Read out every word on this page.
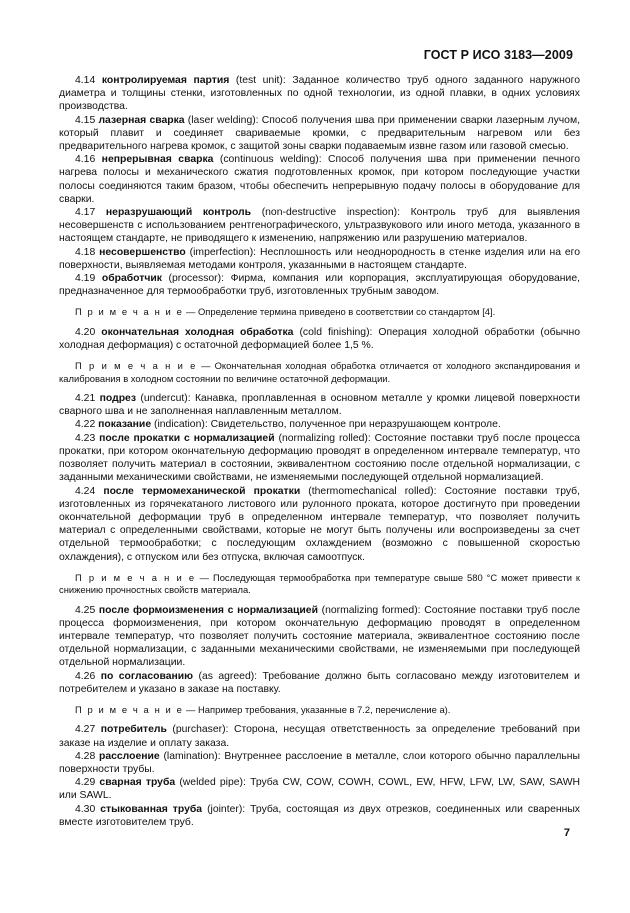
ГОСТ Р ИСО 3183—2009

4.14 контролируемая партия (test unit): Заданное количество труб одного заданного наружного диаметра и толщины стенки, изготовленных по одной технологии, из одной плавки, в одних условиях производства.

4.15 лазерная сварка (laser welding): Способ получения шва при применении сварки лазерным лучом, который плавит и соединяет свариваемые кромки, с предварительным нагревом или без предварительного нагрева кромок, с защитой зоны сварки подаваемым извне газом или газовой смесью.

4.16 непрерывная сварка (continuous welding): Способ получения шва при применении печного нагрева полосы и механического сжатия подготовленных кромок, при котором последующие участки полосы соединяются таким бразом, чтобы обеспечить непрерывную подачу полосы в оборудование для сварки.

4.17 неразрушающий контроль (non-destructive inspection): Контроль труб для выявления несовершенств с использованием рентгенографического, ультразвукового или иного метода, указанного в настоящем стандарте, не приводящего к изменению, напряжению или разрушению материалов.

4.18 несовершенство (imperfection): Несплошность или неоднородность в стенке изделия или на его поверхности, выявляемая методами контроля, указанными в настоящем стандарте.

4.19 обработчик (processor): Фирма, компания или корпорация, эксплуатирующая оборудование, предназначенное для термообработки труб, изготовленных трубным заводом.

П р и м е ч а н и е — Определение термина приведено в соответствии со стандартом [4].

4.20 окончательная холодная обработка (cold finishing): Операция холодной обработки (обычно холодная деформация) с остаточной деформацией более 1,5 %.

П р и м е ч а н и е — Окончательная холодная обработка отличается от холодного экспандирования и калибрования в холодном состоянии по величине остаточной деформации.

4.21 подрез (undercut): Канавка, проплавленная в основном металле у кромки лицевой поверхности сварного шва и не заполненная наплавленным металлом.

4.22 показание (indication): Свидетельство, полученное при неразрушающем контроле.

4.23 после прокатки с нормализацией (normalizing rolled): Состояние поставки труб после процесса прокатки, при котором окончательную деформацию проводят в определенном интервале температур, что позволяет получить материал в состоянии, эквивалентном состоянию после отдельной нормализации, с заданными механическими свойствами, не изменяемыми последующей отдельной нормализацией.

4.24 после термомеханической прокатки (thermomechanical rolled): Состояние поставки труб, изготовленных из горячекатаного листового или рулонного проката, которое достигнуто при проведении окончательной деформации труб в определенном интервале температур, что позволяет получить материал с определенными свойствами, которые не могут быть получены или воспроизведены за счет отдельной термообработки; с последующим охлаждением (возможно с повышенной скоростью охлаждения), с отпуском или без отпуска, включая самоотпуск.

П р и м е ч а н и е — Последующая термообработка при температуре свыше 580 °С может привести к снижению прочностных свойств материала.

4.25 после формоизменения с нормализацией (normalizing formed): Состояние поставки труб после процесса формоизменения, при котором окончательную деформацию проводят в определенном интервале температур, что позволяет получить состояние материала, эквивалентное состоянию после отдельной нормализации, с заданными механическими свойствами, не изменяемыми при последующей отдельной нормализации.

4.26 по согласованию (as agreed): Требование должно быть согласовано между изготовителем и потребителем и указано в заказе на поставку.

П р и м е ч а н и е — Например требования, указанные в 7.2, перечисление а).

4.27 потребитель (purchaser): Сторона, несущая ответственность за определение требований при заказе на изделие и оплату заказа.

4.28 расслоение (lamination): Внутреннее расслоение в металле, слои которого обычно параллельны поверхности трубы.

4.29 сварная труба (welded pipe): Труба CW, COW, COWH, COWL, EW, HFW, LFW, LW, SAW, SAWH или SAWL.

4.30 стыкованная труба (jointer): Труба, состоящая из двух отрезков, соединенных или сваренных вместе изготовителем труб.

7
